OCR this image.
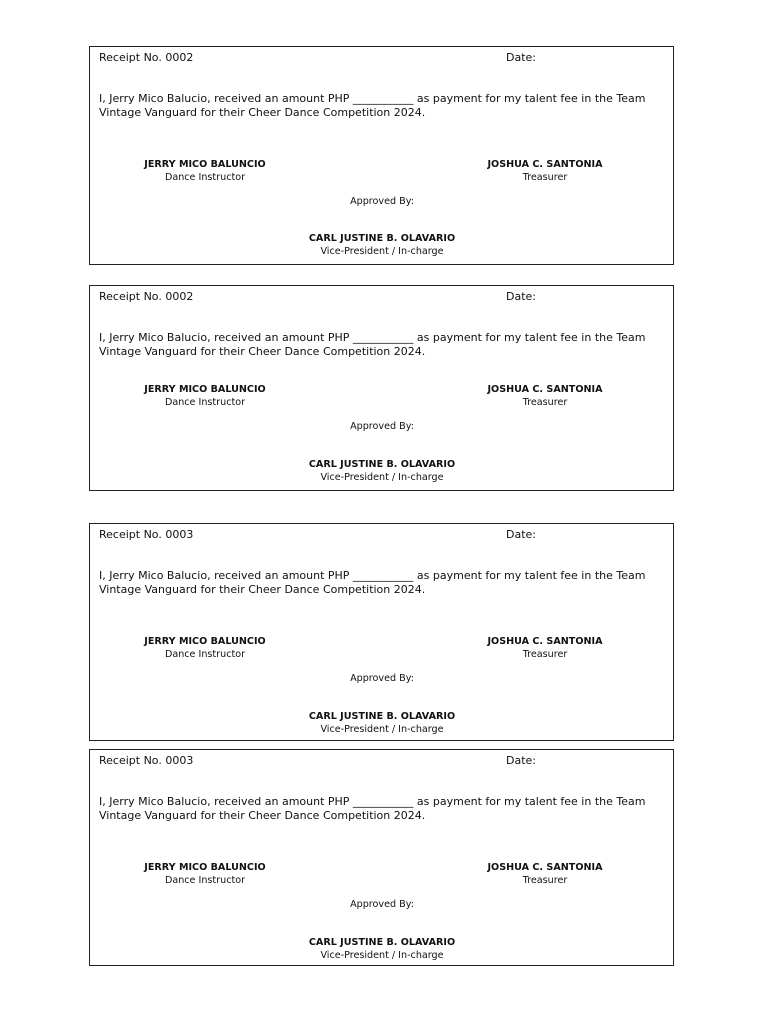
Receipt No. 0002	Date:
I, Jerry Mico Balucio, received an amount PHP ___________ as payment for my talent fee in the Team
Vintage Vanguard for their Cheer Dance Competition 2024.
JERRY MICO BALUNCIO
Dance Instructor
JOSHUA C. SANTONIA
Treasurer
Approved By:
CARL JUSTINE B. OLAVARIO
Vice-President / In-charge
Receipt No. 0002	Date:
I, Jerry Mico Balucio, received an amount PHP ___________ as payment for my talent fee in the Team
Vintage Vanguard for their Cheer Dance Competition 2024.
JERRY MICO BALUNCIO
Dance Instructor
JOSHUA C. SANTONIA
Treasurer
Approved By:
CARL JUSTINE B. OLAVARIO
Vice-President / In-charge
Receipt No. 0003	Date:
I, Jerry Mico Balucio, received an amount PHP ___________ as payment for my talent fee in the Team
Vintage Vanguard for their Cheer Dance Competition 2024.
JERRY MICO BALUNCIO
Dance Instructor
JOSHUA C. SANTONIA
Treasurer
Approved By:
CARL JUSTINE B. OLAVARIO
Vice-President / In-charge
Receipt No. 0003	Date:
I, Jerry Mico Balucio, received an amount PHP ___________ as payment for my talent fee in the Team
Vintage Vanguard for their Cheer Dance Competition 2024.
JERRY MICO BALUNCIO
Dance Instructor
JOSHUA C. SANTONIA
Treasurer
Approved By:
CARL JUSTINE B. OLAVARIO
Vice-President / In-charge
